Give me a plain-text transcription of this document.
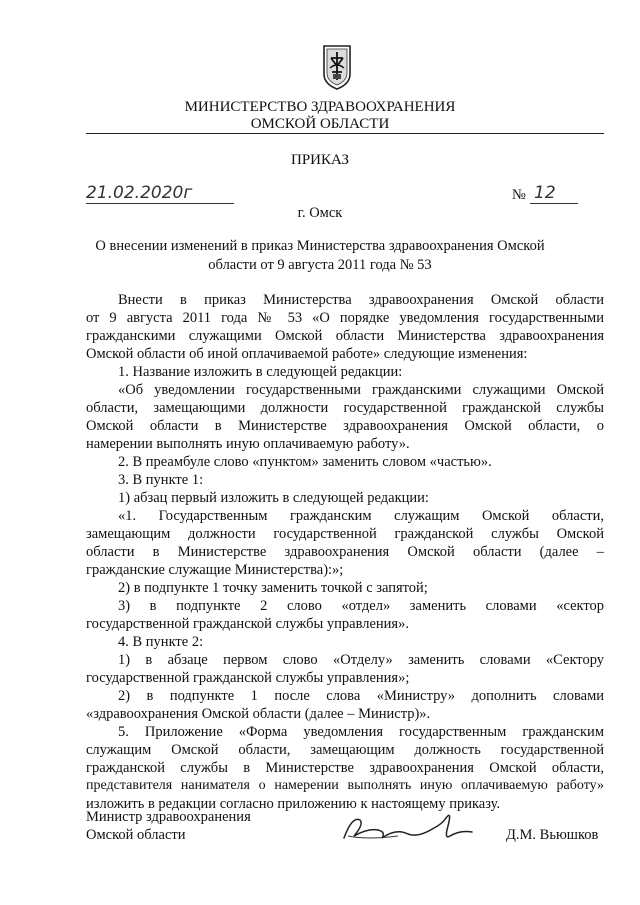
МИНИСТЕРСТВО ЗДРАВООХРАНЕНИЯ
ОМСКОЙ ОБЛАСТИ
ПРИКАЗ
21.02.2020г	№ 12
г. Омск
О внесении изменений в приказ Министерства здравоохранения Омской
области от 9 августа 2011 года № 53
Внести в приказ Министерства здравоохранения Омской области
от 9 августа 2011 года № 53 «О порядке уведомления государственными
гражданскими служащими Омской области Министерства здравоохранения
Омской области об иной оплачиваемой работе» следующие изменения:
1. Название изложить в следующей редакции:
«Об уведомлении государственными гражданскими служащими Омской
области, замещающими должности государственной гражданской службы
Омской области в Министерстве здравоохранения Омской области, о
намерении выполнять иную оплачиваемую работу».
2. В преамбуле слово «пунктом» заменить словом «частью».
3. В пункте 1:
1) абзац первый изложить в следующей редакции:
«1. Государственным гражданским служащим Омской области,
замещающим должности государственной гражданской службы Омской
области в Министерстве здравоохранения Омской области (далее –
гражданские служащие Министерства):»;
2) в подпункте 1 точку заменить точкой с запятой;
3) в подпункте 2 слово «отдел» заменить словами «сектор
государственной гражданской службы управления».
4. В пункте 2:
1) в абзаце первом слово «Отделу» заменить словами «Сектору
государственной гражданской службы управления»;
2) в подпункте 1 после слова «Министру» дополнить словами
«здравоохранения Омской области (далее – Министр)».
5. Приложение «Форма уведомления государственным гражданским
служащим Омской области, замещающим должность государственной
гражданской службы в Министерстве здравоохранения Омской области,
представителя нанимателя о намерении выполнять иную оплачиваемую работу»
изложить в редакции согласно приложению к настоящему приказу.
Министр здравоохранения
Омской области	Д.М. Вьюшков
